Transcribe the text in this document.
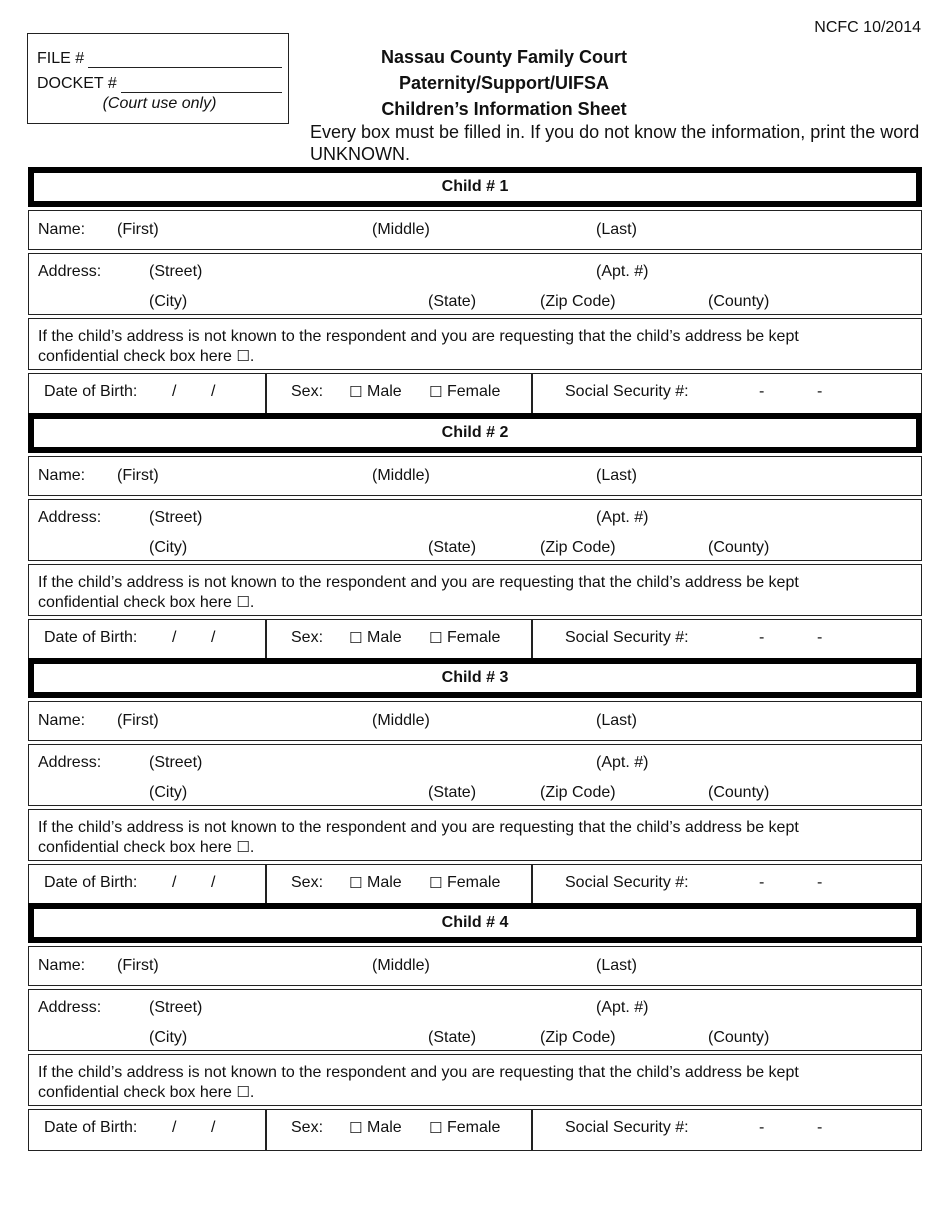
NCFC 10/2014
FILE #
DOCKET #
(Court use only)
Nassau County Family Court
Paternity/Support/UIFSA
Children’s Information Sheet
Every box must be filled in. If you do not know the information, print the word UNKNOWN.
Child # 1
Name: (First)	(Middle)	(Last)
Address:	(Street)	(Apt. #)
(City)	(State)	(Zip Code)	(County)
If the child’s address is not known to the respondent and you are requesting that the child’s address be kept confidential check box here ☐.
Date of Birth: / /	Sex: ☐ Male ☐ Female	Social Security #:	-	-
Child # 2
Name: (First)	(Middle)	(Last)
Address:	(Street)	(Apt. #)
(City)	(State)	(Zip Code)	(County)
If the child’s address is not known to the respondent and you are requesting that the child’s address be kept confidential check box here ☐.
Date of Birth: / /	Sex: ☐ Male ☐ Female	Social Security #:	-	-
Child # 3
Name: (First)	(Middle)	(Last)
Address:	(Street)	(Apt. #)
(City)	(State)	(Zip Code)	(County)
If the child’s address is not known to the respondent and you are requesting that the child’s address be kept confidential check box here ☐.
Date of Birth: / /	Sex: ☐ Male ☐ Female	Social Security #:	-	-
Child # 4
Name: (First)	(Middle)	(Last)
Address:	(Street)	(Apt. #)
(City)	(State)	(Zip Code)	(County)
If the child’s address is not known to the respondent and you are requesting that the child’s address be kept confidential check box here ☐.
Date of Birth: / /	Sex: ☐ Male ☐ Female	Social Security #:	-	-
